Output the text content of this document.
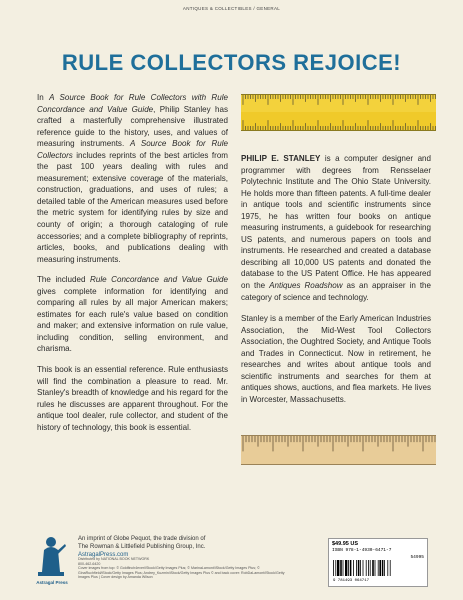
ANTIQUES & COLLECTIBLES / GENERAL
RULE COLLECTORS REJOICE!

In A Source Book for Rule Collectors with Rule Concordance and Value Guide, Philip Stanley has crafted a masterfully comprehensive illustrated reference guide to the history, uses, and values of measuring instruments. A Source Book for Rule Collectors includes reprints of the best articles from the past 100 years dealing with rules and measurement; extensive coverage of the materials, construction, graduations, and uses of rules; a detailed table of the American measures used before the metric system for identifying rules by size and county of origin; a thorough cataloging of rule accessories; and a complete bibliography of reprints, articles, books, and publications dealing with measuring instruments.

The included Rule Concordance and Value Guide gives complete information for identifying and comparing all rules by all major American makers; estimates for each rule's value based on condition and maker; and extensive information on rule value, including condition, selling environment, and charisma.

This book is an essential reference. Rule enthusiasts will find the combination a pleasure to read. Mr. Stanley's breadth of knowledge and his regard for the rules he discusses are apparent throughout. For the antique tool dealer, rule collector, and student of the history of technology, this book is essential.

PHILIP E. STANLEY is a computer designer and programmer with degrees from Rensselaer Polytechnic Institute and The Ohio State University. He holds more than fifteen patents. A full-time dealer in antique tools and scientific instruments since 1975, he has written four books on antique measuring instruments, a guidebook for researching US patents, and numerous papers on tools and instruments. He researched and created a database describing all 10,000 US patents and donated the database to the US Patent Office. He has appeared on the Antiques Roadshow as an appraiser in the category of science and technology.

Stanley is a member of the Early American Industries Association, the Mid-West Tool Collectors Association, the Oughtred Society, and Antique Tools and Trades in Connecticut. Now in retirement, he researches and writes about antique tools and scientific instruments and searches for them at antiques shows, auctions, and flea markets. He lives in Worcester, Massachusetts.

Astragal Press
An imprint of Globe Pequot, the trade division of
The Rowman & Littlefield Publishing Group, Inc.
AstragalPress.com
Distributed by NATIONAL BOOK NETWORK
800-462-6420
Cover images from top: © Goldfinch4ever/iStock/Getty Images Plus; © MarinaLamont/iStock/Getty Images Plus; © GinaRuchfield/iStock/Getty Images Plus; Andrey_Kuzmin/iStock/Getty Images Plus © and back cover: RobDaLamont/iStock/Getty Images Plus | Cover design by Amanda Wilson
$49.95 US
ISBN 978-1-4930-6471-7
54995
9 781493 064717
